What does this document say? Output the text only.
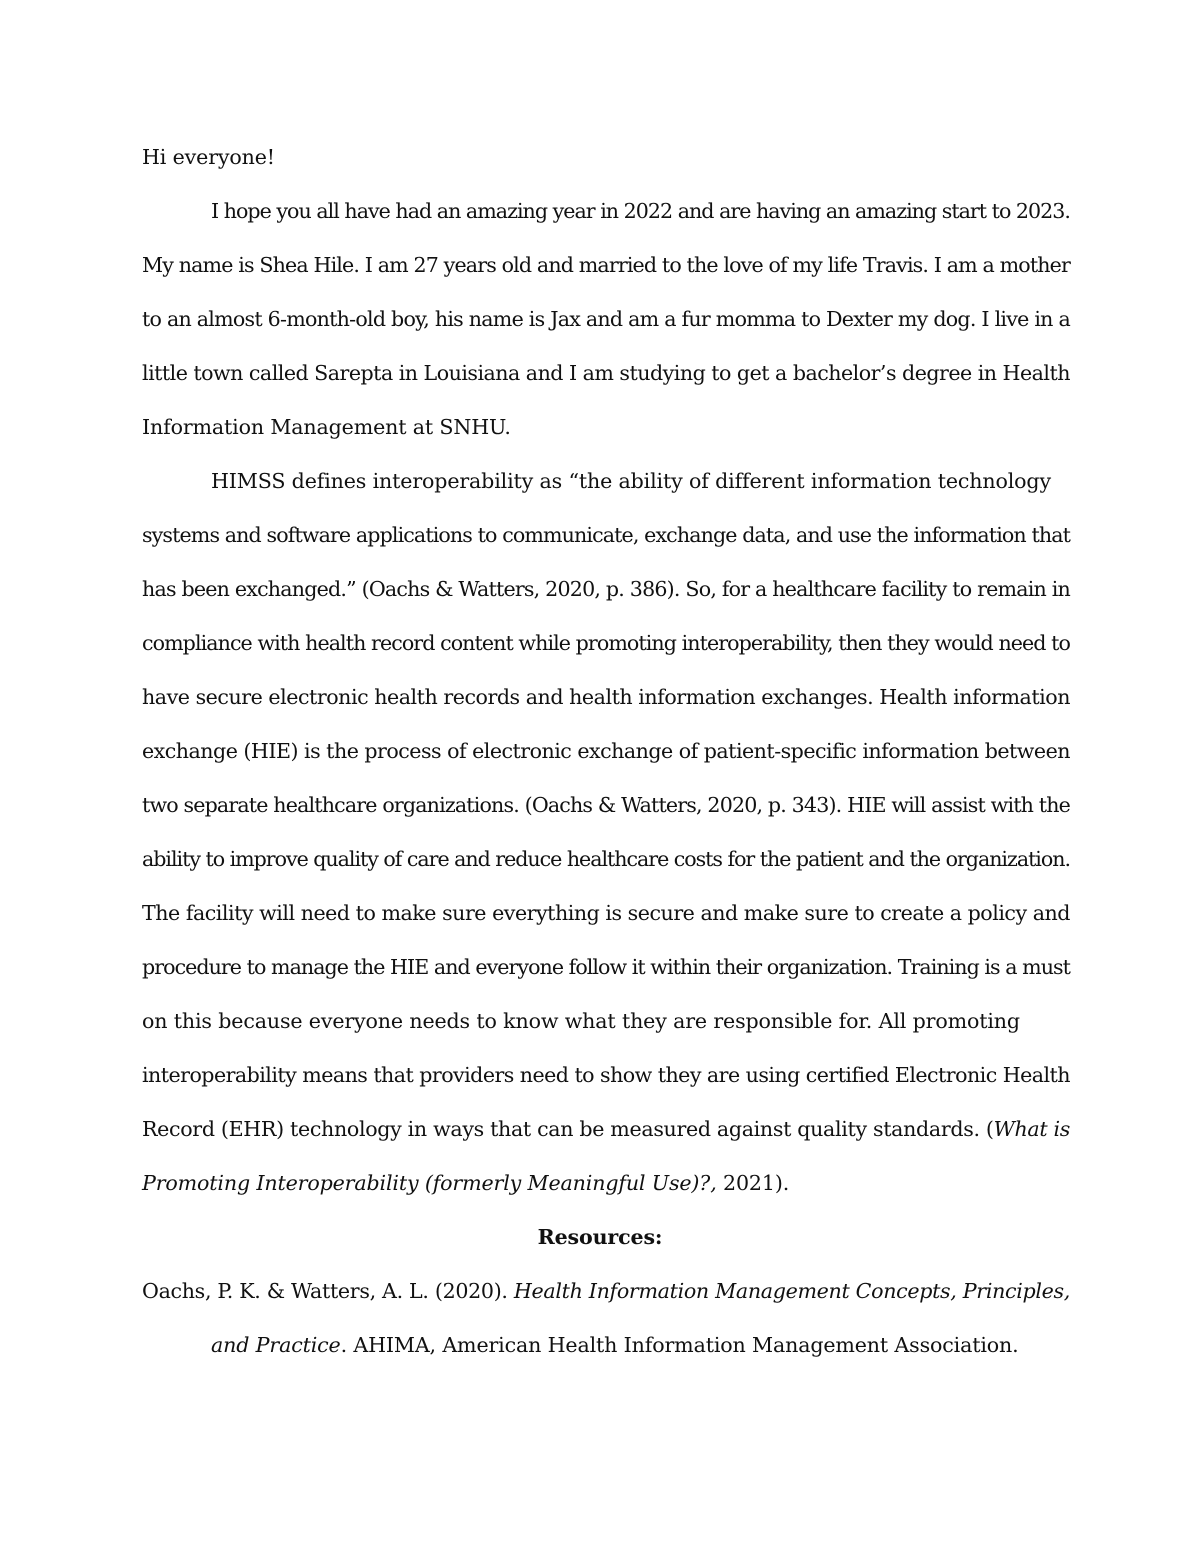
Hi everyone!
I hope you all have had an amazing year in 2022 and are having an amazing start to 2023.
My name is Shea Hile. I am 27 years old and married to the love of my life Travis. I am a mother
to an almost 6-month-old boy, his name is Jax and am a fur momma to Dexter my dog. I live in a
little town called Sarepta in Louisiana and I am studying to get a bachelor’s degree in Health
Information Management at SNHU.
HIMSS defines interoperability as “the ability of different information technology
systems and software applications to communicate, exchange data, and use the information that
has been exchanged.” (Oachs & Watters, 2020, p. 386). So, for a healthcare facility to remain in
compliance with health record content while promoting interoperability, then they would need to
have secure electronic health records and health information exchanges. Health information
exchange (HIE) is the process of electronic exchange of patient-specific information between
two separate healthcare organizations. (Oachs & Watters, 2020, p. 343). HIE will assist with the
ability to improve quality of care and reduce healthcare costs for the patient and the organization.
The facility will need to make sure everything is secure and make sure to create a policy and
procedure to manage the HIE and everyone follow it within their organization. Training is a must
on this because everyone needs to know what they are responsible for. All promoting
interoperability means that providers need to show they are using certified Electronic Health
Record (EHR) technology in ways that can be measured against quality standards. (What is
Promoting Interoperability (formerly Meaningful Use)?, 2021).
Resources:
Oachs, P. K. & Watters, A. L. (2020). Health Information Management Concepts, Principles,
and Practice. AHIMA, American Health Information Management Association.
